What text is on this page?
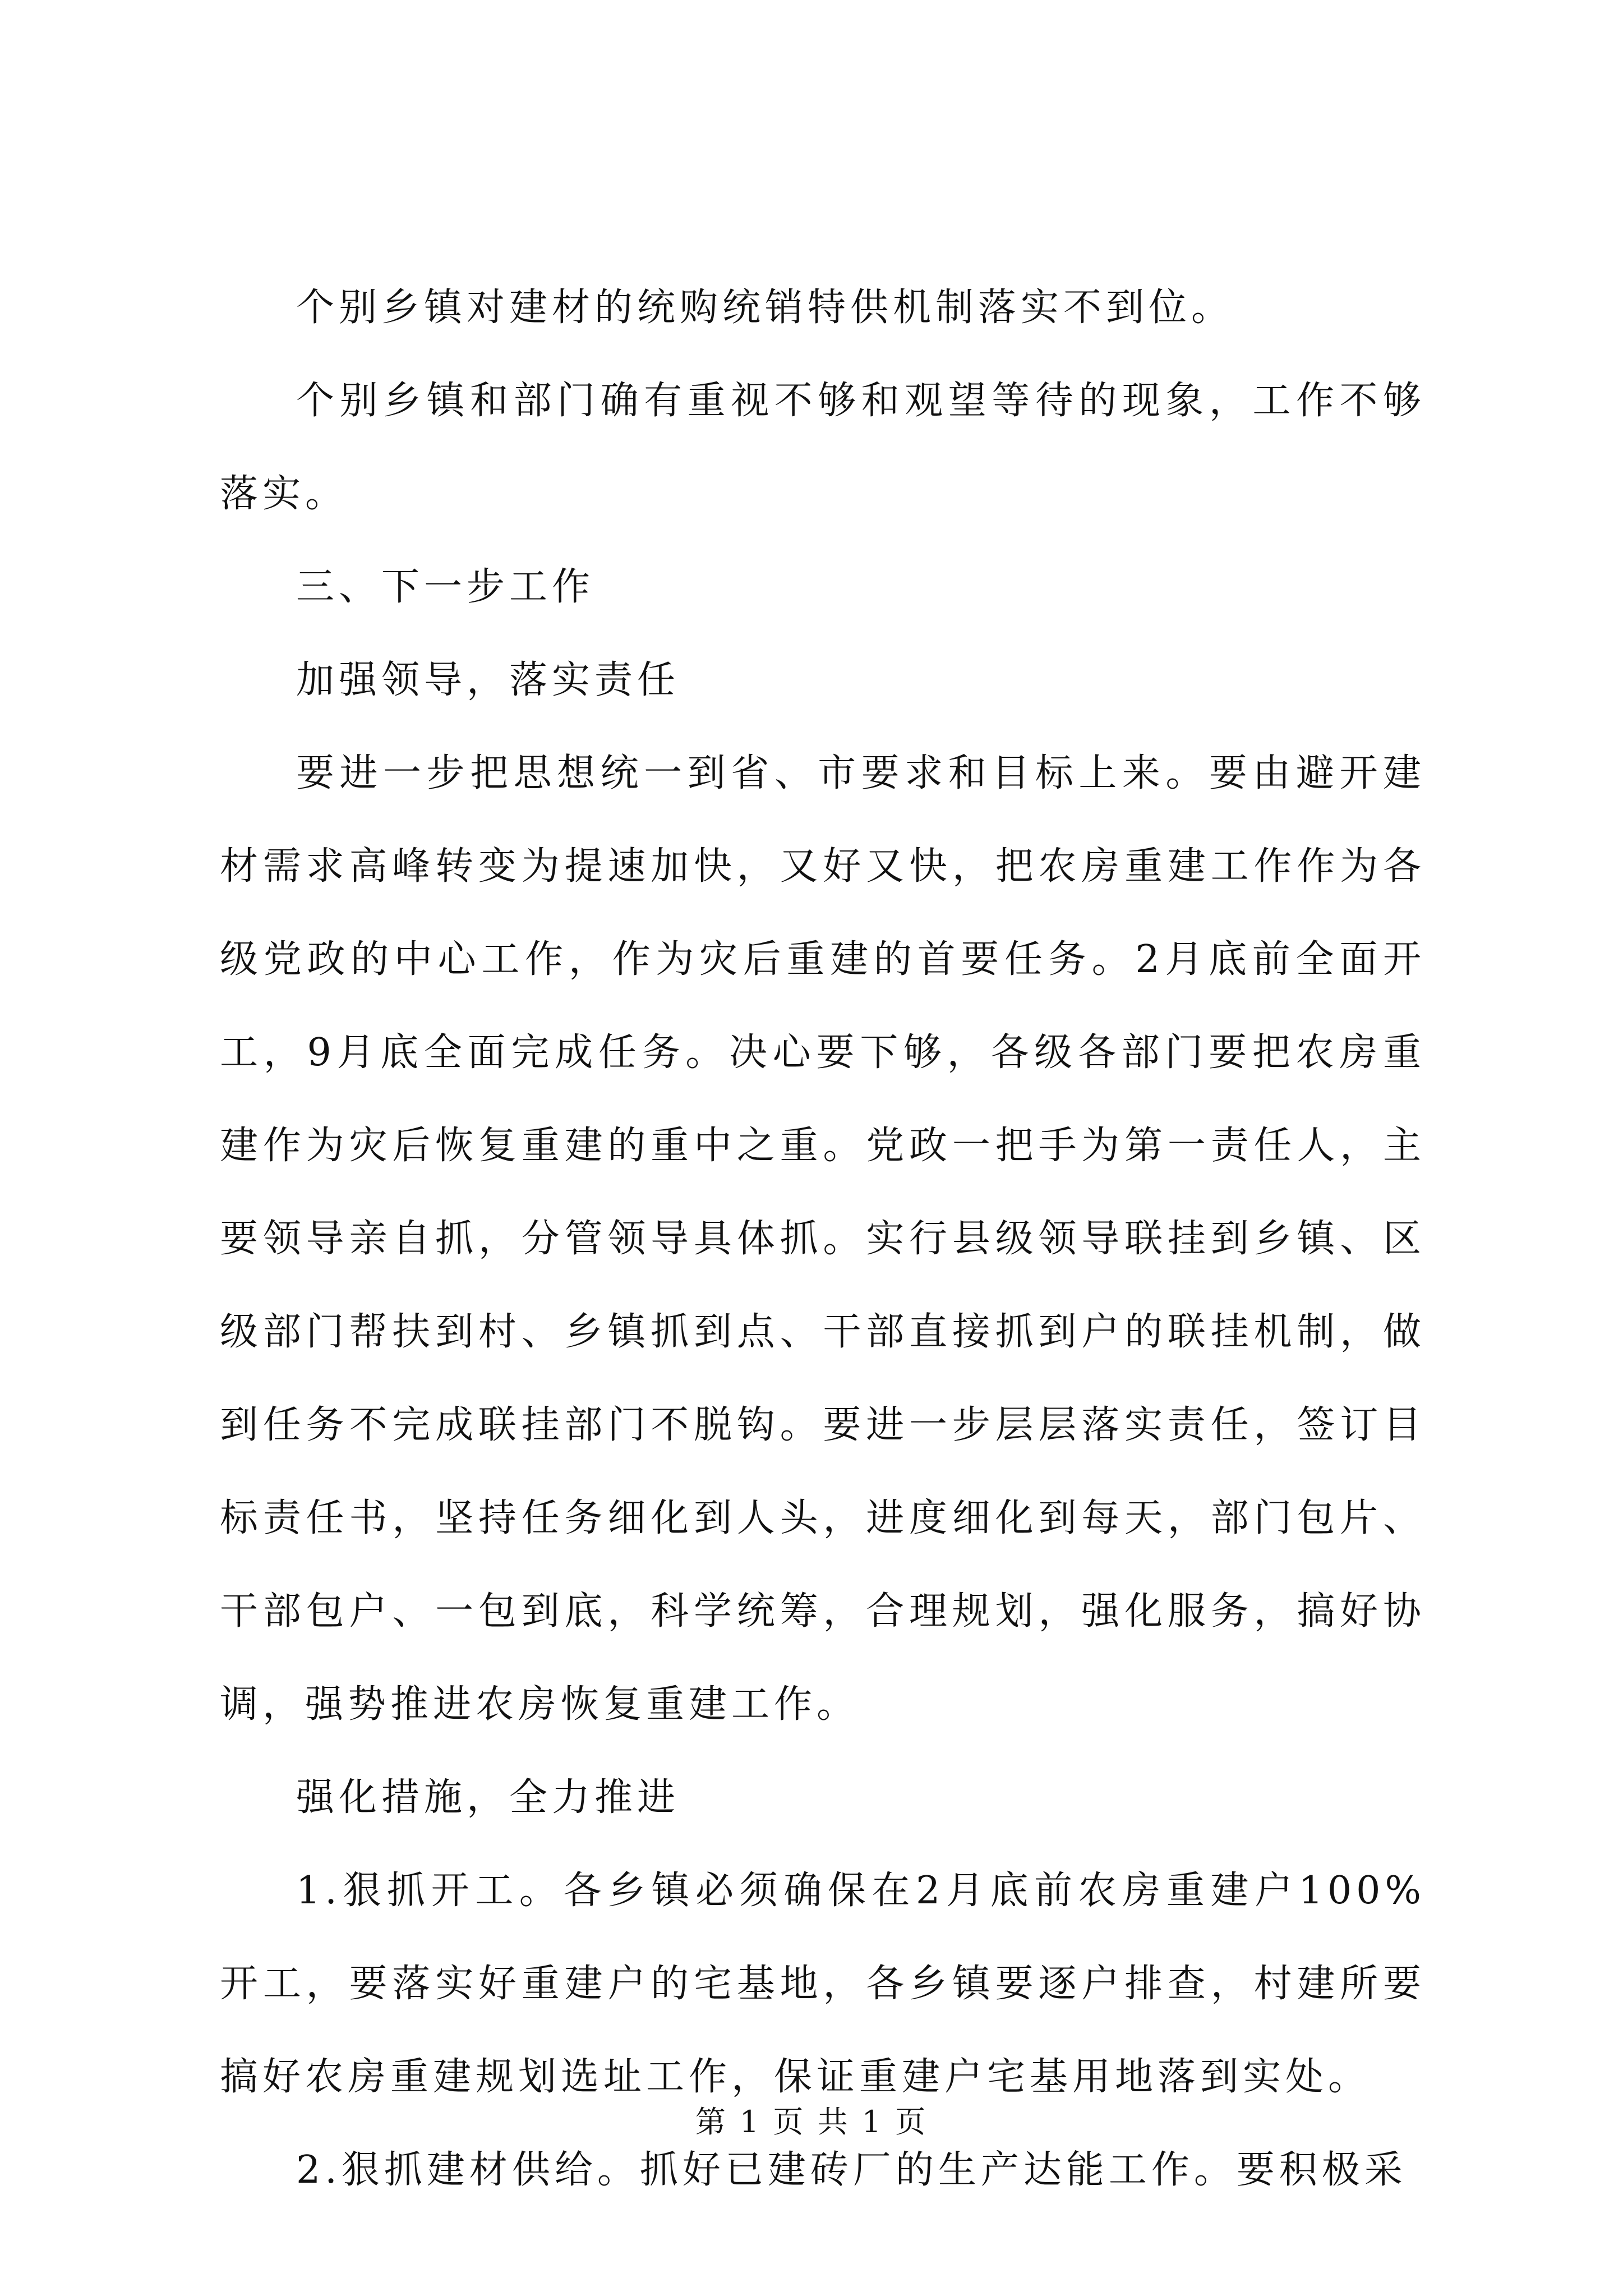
个别乡镇对建材的统购统销特供机制落实不到位。

个别乡镇和部门确有重视不够和观望等待的现象，工作不够落实。

三、下一步工作

加强领导，落实责任

要进一步把思想统一到省、市要求和目标上来。要由避开建材需求高峰转变为提速加快，又好又快，把农房重建工作作为各级党政的中心工作，作为灾后重建的首要任务。2月底前全面开工，9月底全面完成任务。决心要下够，各级各部门要把农房重建作为灾后恢复重建的重中之重。党政一把手为第一责任人，主要领导亲自抓，分管领导具体抓。实行县级领导联挂到乡镇、区级部门帮扶到村、乡镇抓到点、干部直接抓到户的联挂机制，做到任务不完成联挂部门不脱钩。要进一步层层落实责任，签订目标责任书，坚持任务细化到人头，进度细化到每天，部门包片、干部包户、一包到底，科学统筹，合理规划，强化服务，搞好协调，强势推进农房恢复重建工作。

强化措施，全力推进

1.狠抓开工。各乡镇必须确保在2月底前农房重建户100%开工，要落实好重建户的宅基地，各乡镇要逐户排查，村建所要搞好农房重建规划选址工作，保证重建户宅基用地落到实处。

2.狠抓建材供给。抓好已建砖厂的生产达能工作。要积极采

第 1 页 共 1 页
